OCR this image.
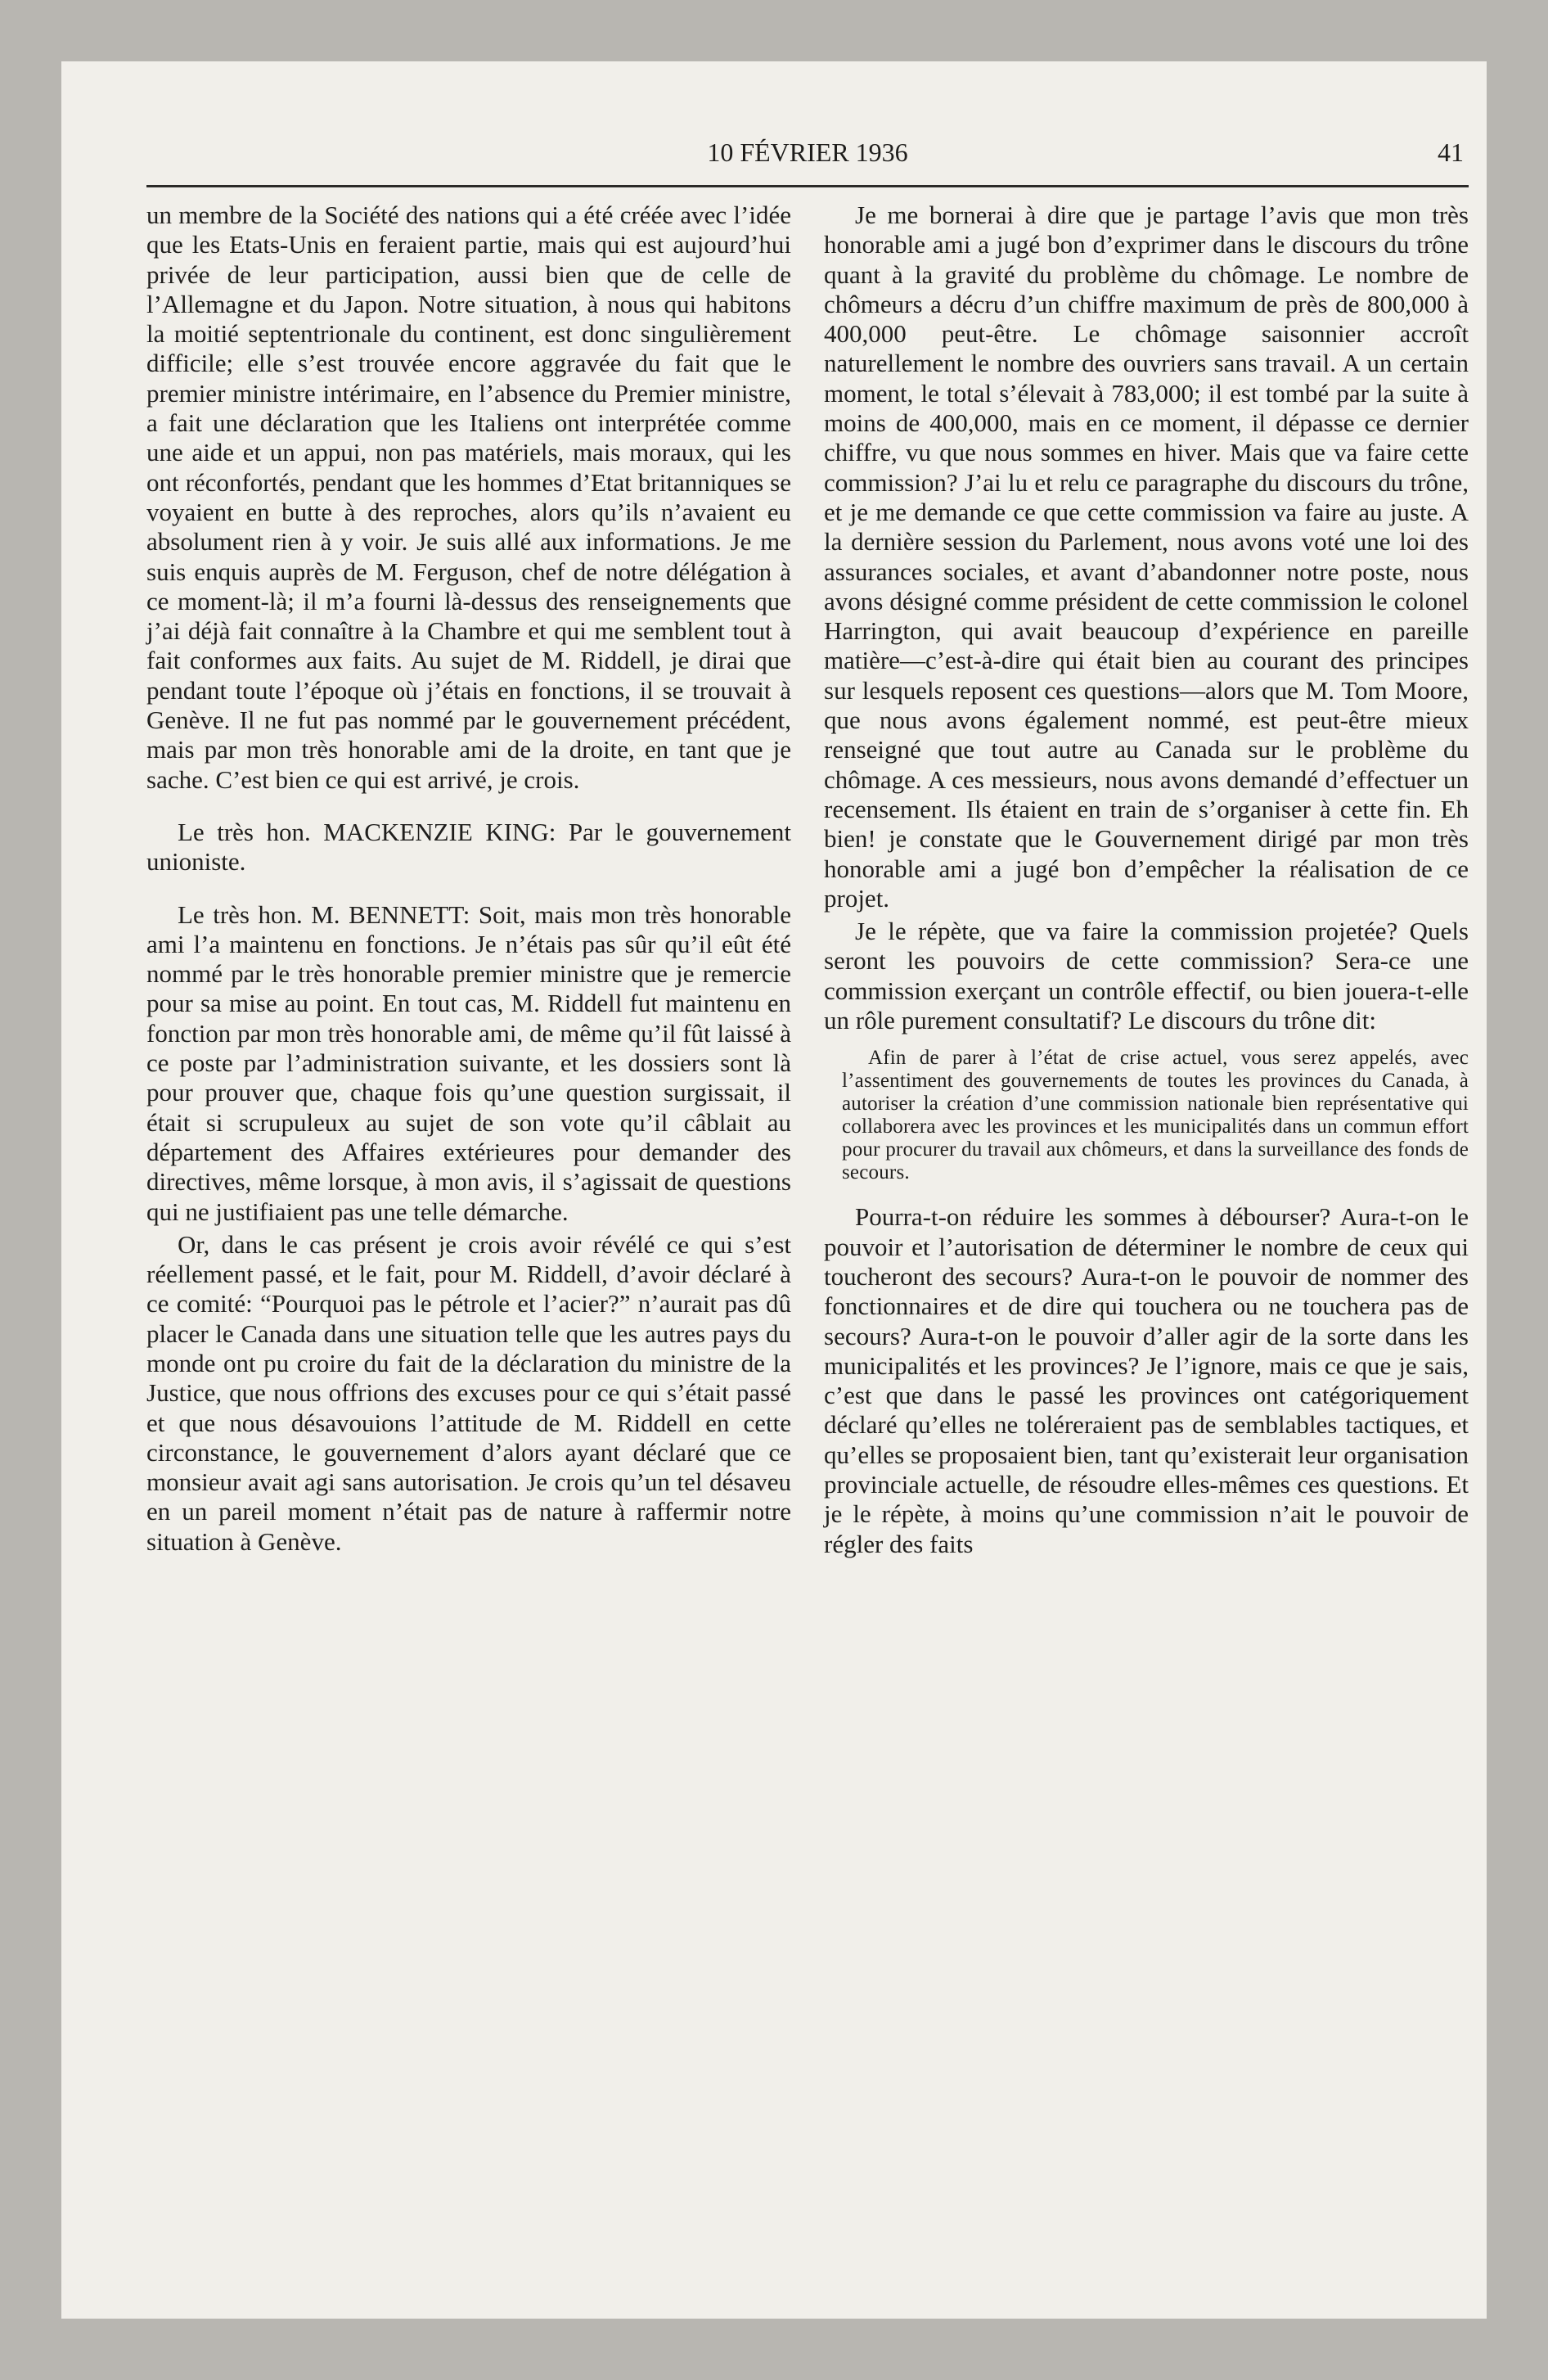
10 FÉVRIER 1936	41

un membre de la Société des nations qui a été créée avec l’idée que les Etats-Unis en feraient partie, mais qui est aujourd’hui privée de leur participation, aussi bien que de celle de l’Allemagne et du Japon. Notre situation, à nous qui habitons la moitié septentrionale du continent, est donc singulièrement difficile; elle s’est trouvée encore aggravée du fait que le premier ministre intérimaire, en l’absence du Premier ministre, a fait une déclaration que les Italiens ont interprétée comme une aide et un appui, non pas matériels, mais moraux, qui les ont réconfortés, pendant que les hommes d’Etat britanniques se voyaient en butte à des reproches, alors qu’ils n’avaient eu absolument rien à y voir. Je suis allé aux informations. Je me suis enquis auprès de M. Ferguson, chef de notre délégation à ce moment-là; il m’a fourni là-dessus des renseignements que j’ai déjà fait connaître à la Chambre et qui me semblent tout à fait conformes aux faits. Au sujet de M. Riddell, je dirai que pendant toute l’époque où j’étais en fonctions, il se trouvait à Genève. Il ne fut pas nommé par le gouvernement précédent, mais par mon très honorable ami de la droite, en tant que je sache. C’est bien ce qui est arrivé, je crois.

Le très hon. MACKENZIE KING: Par le gouvernement unioniste.

Le très hon. M. BENNETT: Soit, mais mon très honorable ami l’a maintenu en fonctions. Je n’étais pas sûr qu’il eût été nommé par le très honorable premier ministre que je remercie pour sa mise au point. En tout cas, M. Riddell fut maintenu en fonction par mon très honorable ami, de même qu’il fût laissé à ce poste par l’administration suivante, et les dossiers sont là pour prouver que, chaque fois qu’une question surgissait, il était si scrupuleux au sujet de son vote qu’il câblait au département des Affaires extérieures pour demander des directives, même lorsque, à mon avis, il s’agissait de questions qui ne justifiaient pas une telle démarche.

Or, dans le cas présent je crois avoir révélé ce qui s’est réellement passé, et le fait, pour M. Riddell, d’avoir déclaré à ce comité: “Pourquoi pas le pétrole et l’acier?” n’aurait pas dû placer le Canada dans une situation telle que les autres pays du monde ont pu croire du fait de la déclaration du ministre de la Justice, que nous offrions des excuses pour ce qui s’était passé et que nous désavouions l’attitude de M. Riddell en cette circonstance, le gouvernement d’alors ayant déclaré que ce monsieur avait agi sans autorisation. Je crois qu’un tel désaveu en un pareil moment n’était pas de nature à raffermir notre situation à Genève.

Je me bornerai à dire que je partage l’avis que mon très honorable ami a jugé bon d’exprimer dans le discours du trône quant à la gravité du problème du chômage. Le nombre de chômeurs a décru d’un chiffre maximum de près de 800,000 à 400,000 peut-être. Le chômage saisonnier accroît naturellement le nombre des ouvriers sans travail. A un certain moment, le total s’élevait à 783,000; il est tombé par la suite à moins de 400,000, mais en ce moment, il dépasse ce dernier chiffre, vu que nous sommes en hiver. Mais que va faire cette commission? J’ai lu et relu ce paragraphe du discours du trône, et je me demande ce que cette commission va faire au juste. A la dernière session du Parlement, nous avons voté une loi des assurances sociales, et avant d’abandonner notre poste, nous avons désigné comme président de cette commission le colonel Harrington, qui avait beaucoup d’expérience en pareille matière—c’est-à-dire qui était bien au courant des principes sur lesquels reposent ces questions—alors que M. Tom Moore, que nous avons également nommé, est peut-être mieux renseigné que tout autre au Canada sur le problème du chômage. A ces messieurs, nous avons demandé d’effectuer un recensement. Ils étaient en train de s’organiser à cette fin. Eh bien! je constate que le Gouvernement dirigé par mon très honorable ami a jugé bon d’empêcher la réalisation de ce projet.

Je le répète, que va faire la commission projetée? Quels seront les pouvoirs de cette commission? Sera-ce une commission exerçant un contrôle effectif, ou bien jouera-t-elle un rôle purement consultatif? Le discours du trône dit:

Afin de parer à l’état de crise actuel, vous serez appelés, avec l’assentiment des gouvernements de toutes les provinces du Canada, à autoriser la création d’une commission nationale bien représentative qui collaborera avec les provinces et les municipalités dans un commun effort pour procurer du travail aux chômeurs, et dans la surveillance des fonds de secours.

Pourra-t-on réduire les sommes à débourser? Aura-t-on le pouvoir et l’autorisation de déterminer le nombre de ceux qui toucheront des secours? Aura-t-on le pouvoir de nommer des fonctionnaires et de dire qui touchera ou ne touchera pas de secours? Aura-t-on le pouvoir d’aller agir de la sorte dans les municipalités et les provinces? Je l’ignore, mais ce que je sais, c’est que dans le passé les provinces ont catégoriquement déclaré qu’elles ne toléreraient pas de semblables tactiques, et qu’elles se proposaient bien, tant qu’existerait leur organisation provinciale actuelle, de résoudre elles-mêmes ces questions. Et je le répète, à moins qu’une commission n’ait le pouvoir de régler des faits
